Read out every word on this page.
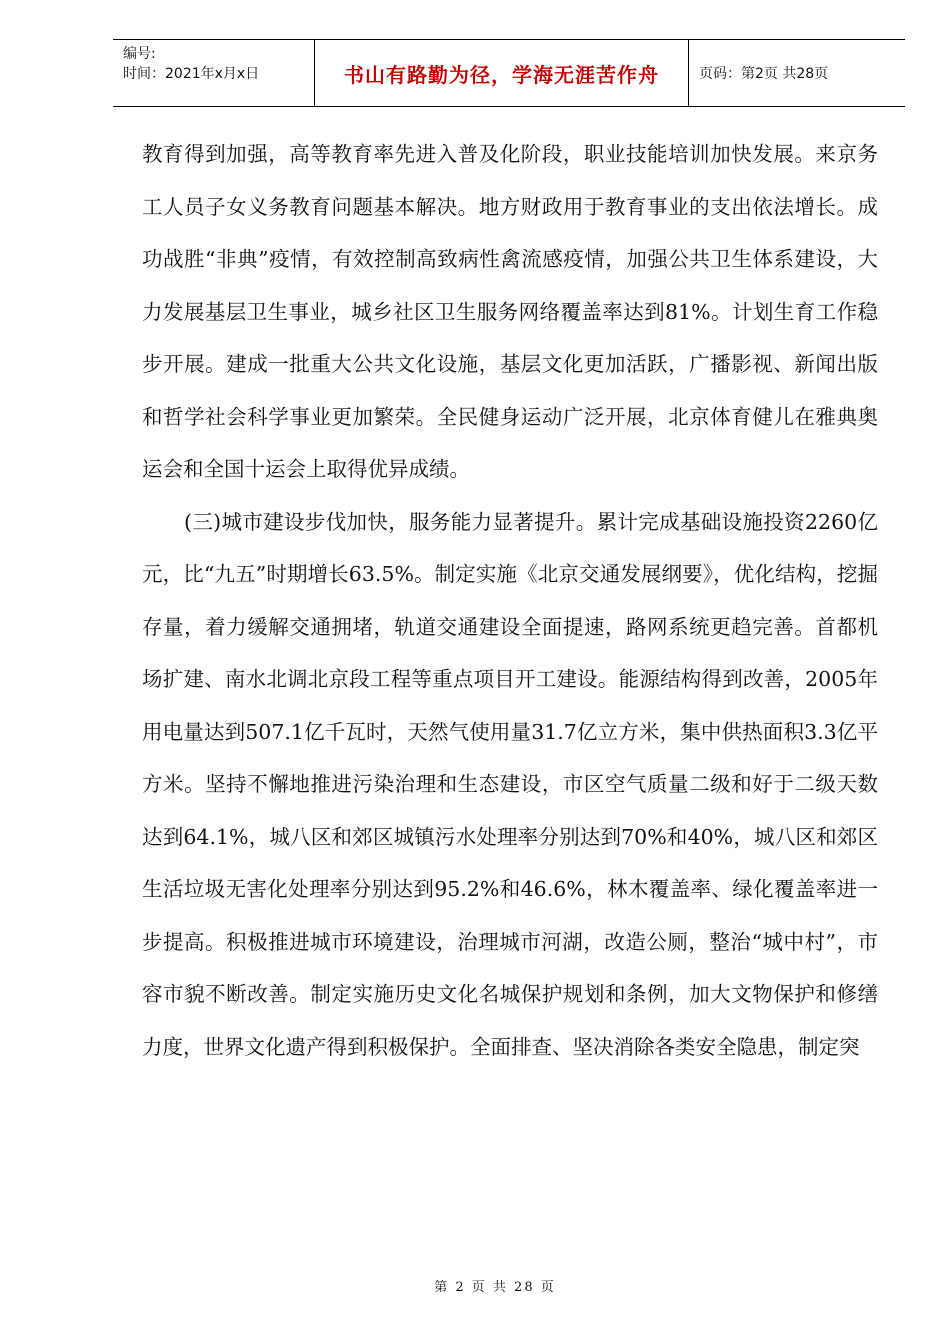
编号:
时间：2021年x月x日	书山有路勤为径，学海无涯苦作舟	页码：第2页 共28页

教育得到加强，高等教育率先进入普及化阶段，职业技能培训加快发展。来京务工人员子女义务教育问题基本解决。地方财政用于教育事业的支出依法增长。成功战胜“非典”疫情，有效控制高致病性禽流感疫情，加强公共卫生体系建设，大力发展基层卫生事业，城乡社区卫生服务网络覆盖率达到81%。计划生育工作稳步开展。建成一批重大公共文化设施，基层文化更加活跃，广播影视、新闻出版和哲学社会科学事业更加繁荣。全民健身运动广泛开展，北京体育健儿在雅典奥运会和全国十运会上取得优异成绩。

(三)城市建设步伐加快，服务能力显著提升。累计完成基础设施投资2260亿元，比“九五”时期增长63.5%。制定实施《北京交通发展纲要》，优化结构，挖掘存量，着力缓解交通拥堵，轨道交通建设全面提速，路网系统更趋完善。首都机场扩建、南水北调北京段工程等重点项目开工建设。能源结构得到改善，2005年用电量达到507.1亿千瓦时，天然气使用量31.7亿立方米，集中供热面积3.3亿平方米。坚持不懈地推进污染治理和生态建设，市区空气质量二级和好于二级天数达到64.1%，城八区和郊区城镇污水处理率分别达到70%和40%，城八区和郊区生活垃圾无害化处理率分别达到95.2%和46.6%，林木覆盖率、绿化覆盖率进一步提高。积极推进城市环境建设，治理城市河湖，改造公厕，整治“城中村”，市容市貌不断改善。制定实施历史文化名城保护规划和条例，加大文物保护和修缮力度，世界文化遗产得到积极保护。全面排查、坚决消除各类安全隐患，制定突

第 2 页 共 28 页
